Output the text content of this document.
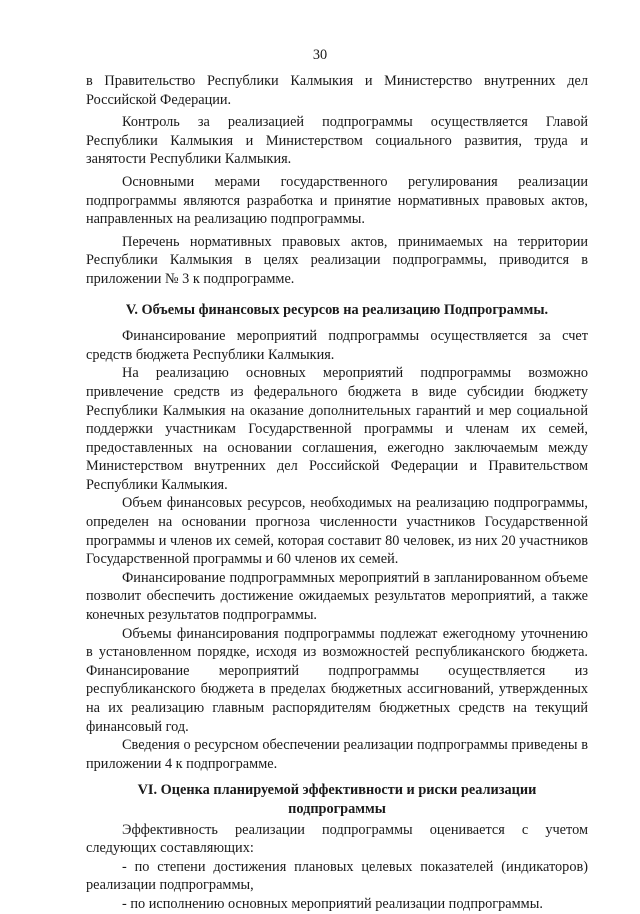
30

в Правительство Республики Калмыкия и Министерство внутренних дел Российской Федерации.

Контроль за реализацией подпрограммы осуществляется Главой Республики Калмыкия и Министерством социального развития, труда и занятости Республики Калмыкия.

Основными мерами государственного регулирования реализации подпрограммы являются разработка и принятие нормативных правовых актов, направленных на реализацию подпрограммы.

Перечень нормативных правовых актов, принимаемых на территории Республики Калмыкия в целях реализации подпрограммы, приводится в приложении № 3 к подпрограмме.

V. Объемы финансовых ресурсов на реализацию Подпрограммы.

Финансирование мероприятий подпрограммы осуществляется за счет средств бюджета Республики Калмыкия.

На реализацию основных мероприятий подпрограммы возможно привлечение средств из федерального бюджета в виде субсидии бюджету Республики Калмыкия на оказание дополнительных гарантий и мер социальной поддержки участникам Государственной программы и членам их семей, предоставленных на основании соглашения, ежегодно заключаемым между Министерством внутренних дел Российской Федерации и Правительством Республики Калмыкия.

Объем финансовых ресурсов, необходимых на реализацию подпрограммы, определен на основании прогноза численности участников Государственной программы и членов их семей, которая составит 80 человек, из них 20 участников Государственной программы и 60 членов их семей.

Финансирование подпрограммных мероприятий в запланированном объеме позволит обеспечить достижение ожидаемых результатов мероприятий, а также конечных результатов подпрограммы.

Объемы финансирования подпрограммы подлежат ежегодному уточнению в установленном порядке, исходя из возможностей республиканского бюджета. Финансирование мероприятий подпрограммы осуществляется из республиканского бюджета в пределах бюджетных ассигнований, утвержденных на их реализацию главным распорядителям бюджетных средств на текущий финансовый год.

Сведения о ресурсном обеспечении реализации подпрограммы приведены в приложении 4 к подпрограмме.

VI. Оценка планируемой эффективности и риски реализации
подпрограммы

Эффективность реализации подпрограммы оценивается с учетом следующих составляющих:

- по степени достижения плановых целевых показателей (индикаторов) реализации подпрограммы,

- по исполнению основных мероприятий реализации подпрограммы.
